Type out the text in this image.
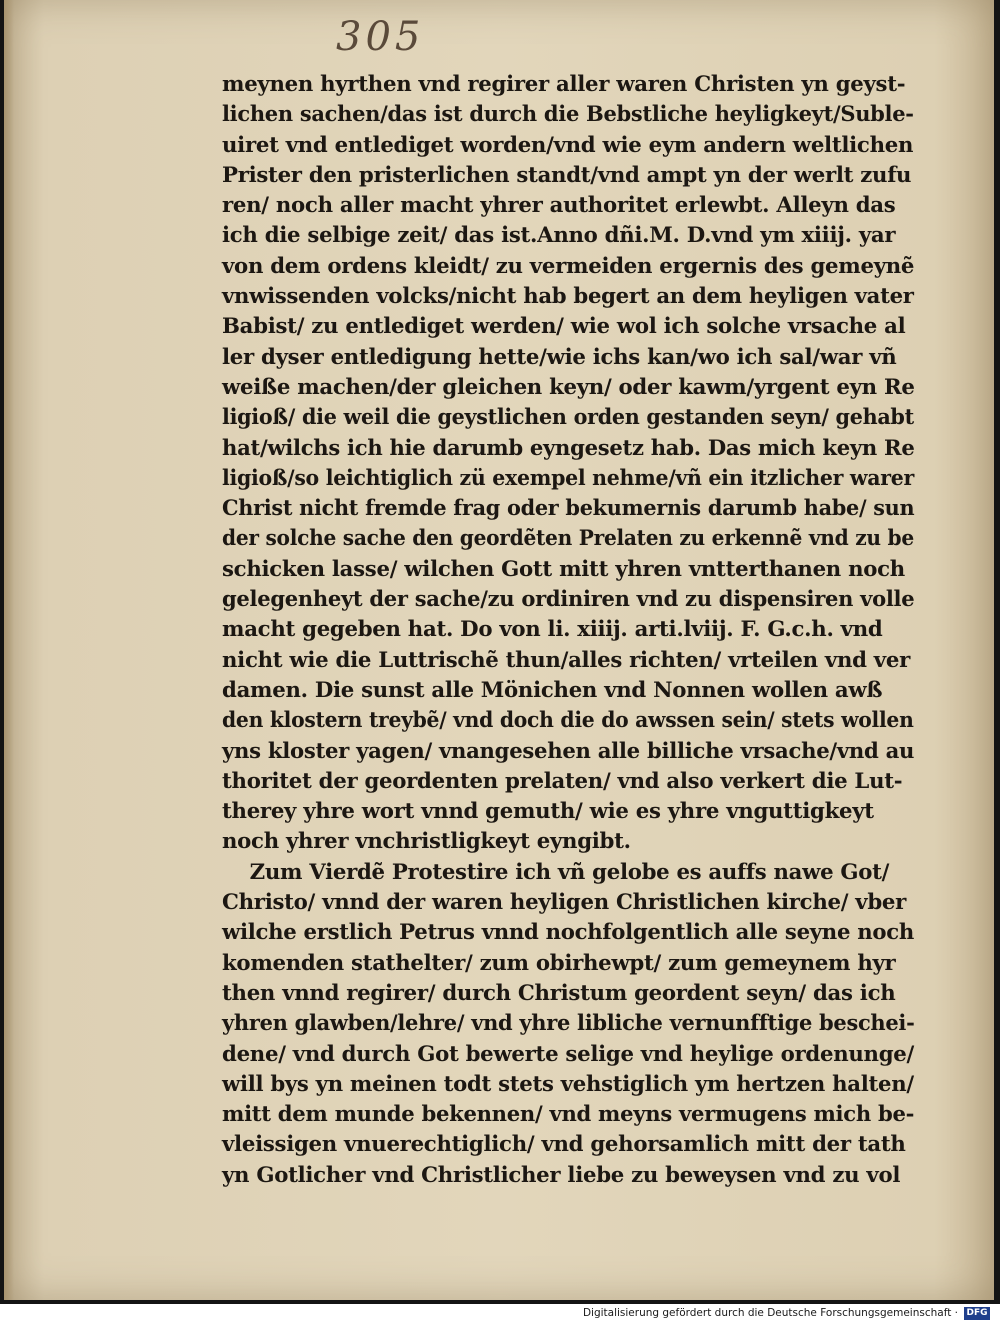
305
meynen hyrthen vnd regirer aller waren Christen yn geyst-
lichen sachen/das ist durch die Bebstliche heyligkeyt/Suble-
uiret vnd entlediget worden/vnd wie eym andern weltlichen
Prister den pristerlichen standt/vnd ampt yn der werlt zufu
ren/ noch aller macht yhrer authoritet erlewbt. Alleyn das
ich die selbige zeit/ das ist.Anno dñi.M. D.vnd ym xiiij. yar
von dem ordens kleidt/ zu vermeiden ergernis des gemeynẽ
vnwissenden volcks/nicht hab begert an dem heyligen vater
Babist/ zu entlediget werden/ wie wol ich solche vrsache al
ler dyser entledigung hette/wie ichs kan/wo ich sal/war vñ
weiße machen/der gleichen keyn/ oder kawm/yrgent eyn Re
ligioß/ die weil die geystlichen orden gestanden seyn/ gehabt
hat/wilchs ich hie darumb eyngesetz hab. Das mich keyn Re
ligioß/so leichtiglich zü exempel nehme/vñ ein itzlicher warer
Christ nicht fremde frag oder bekumernis darumb habe/ sun
der solche sache den geordẽten Prelaten zu erkennẽ vnd zu be
schicken lasse/ wilchen Gott mitt yhren vntterthanen noch
gelegenheyt der sache/zu ordiniren vnd zu dispensiren volle
macht gegeben hat. Do von li. xiiij. arti.lviij. F. G.c.h. vnd
nicht wie die Luttrischẽ thun/alles richten/ vrteilen vnd ver
damen. Die sunst alle Mönichen vnd Nonnen wollen awß
den klostern treybẽ/ vnd doch die do awssen sein/ stets wollen
yns kloster yagen/ vnangesehen alle billiche vrsache/vnd au
thoritet der geordenten prelaten/ vnd also verkert die Lut-
therey yhre wort vnnd gemuth/ wie es yhre vnguttigkeyt
noch yhrer vnchristligkeyt eyngibt.
Zum Vierdẽ Protestire ich vñ gelobe es auffs nawe Got/
Christo/ vnnd der waren heyligen Christlichen kirche/ vber
wilche erstlich Petrus vnnd nochfolgentlich alle seyne noch
komenden stathelter/ zum obirhewpt/ zum gemeynem hyr
then vnnd regirer/ durch Christum geordent seyn/ das ich
yhren glawben/lehre/ vnd yhre libliche vernunfftige beschei-
dene/ vnd durch Got bewerte selige vnd heylige ordenunge/
will bys yn meinen todt stets vehstiglich ym hertzen halten/
mitt dem munde bekennen/ vnd meyns vermugens mich be-
vleissigen vnuerechtiglich/ vnd gehorsamlich mitt der tath
yn Gotlicher vnd Christlicher liebe zu beweysen vnd zu vol
Digitalisierung gefördert durch die Deutsche Forschungsgemeinschaft · DFG
